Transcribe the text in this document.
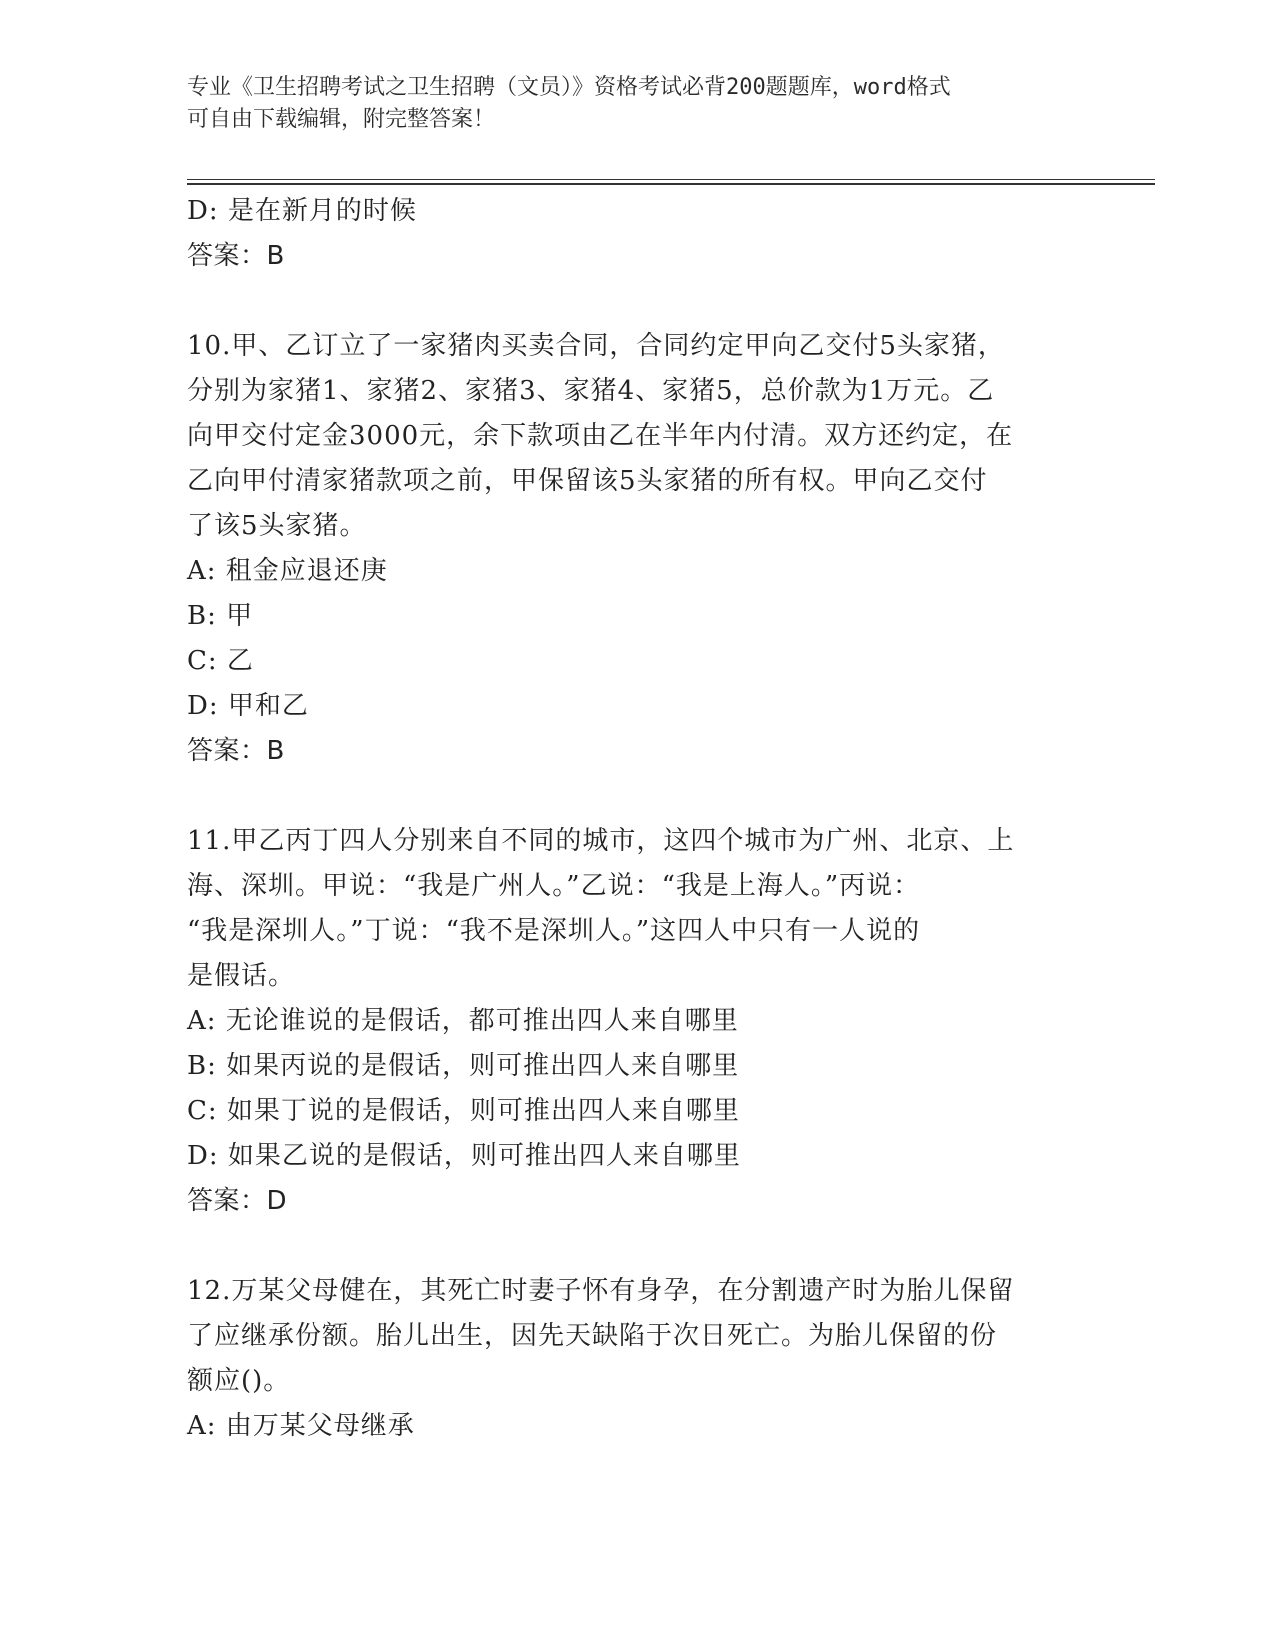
专业《卫生招聘考试之卫生招聘（文员）》资格考试必背200题题库，word格式

可自由下载编辑，附完整答案！

D: 是在新月的时候

答案：B

10.甲、乙订立了一家猪肉买卖合同，合同约定甲向乙交付5头家猪，

分别为家猪1、家猪2、家猪3、家猪4、家猪5，总价款为1万元。乙

向甲交付定金3000元，余下款项由乙在半年内付清。双方还约定，在

乙向甲付清家猪款项之前，甲保留该5头家猪的所有权。甲向乙交付

了该5头家猪。

A: 租金应退还庚

B: 甲

C: 乙

D: 甲和乙

答案：B

11.甲乙丙丁四人分别来自不同的城市，这四个城市为广州、北京、上

海、深圳。甲说：“我是广州人。”乙说：“我是上海人。”丙说：

“我是深圳人。”丁说：“我不是深圳人。”这四人中只有一人说的

是假话。

A: 无论谁说的是假话，都可推出四人来自哪里

B: 如果丙说的是假话，则可推出四人来自哪里

C: 如果丁说的是假话，则可推出四人来自哪里

D: 如果乙说的是假话，则可推出四人来自哪里

答案：D

12.万某父母健在，其死亡时妻子怀有身孕，在分割遗产时为胎儿保留

了应继承份额。胎儿出生，因先天缺陷于次日死亡。为胎儿保留的份

额应()。

A: 由万某父母继承
